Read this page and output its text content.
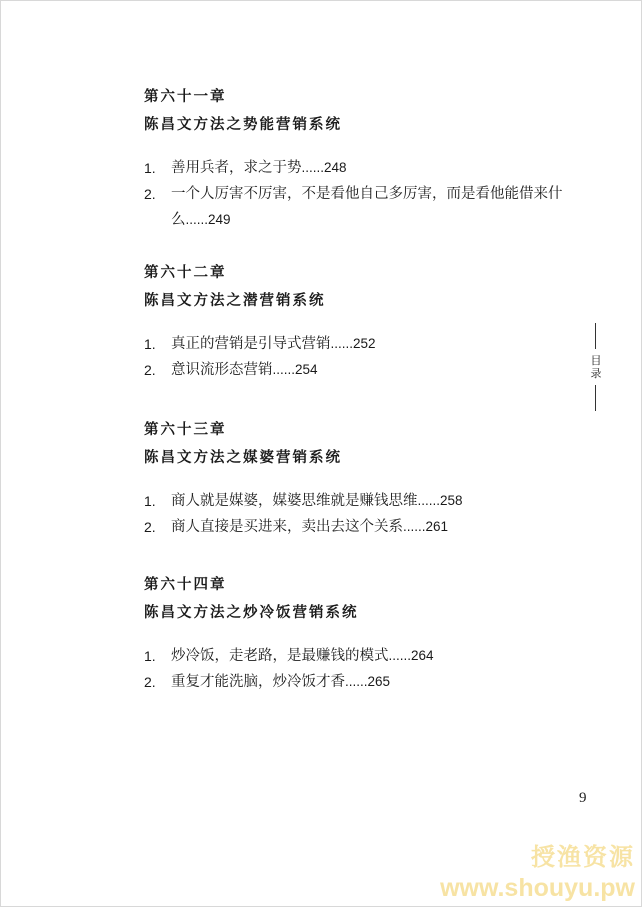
第六十一章
陈昌文方法之势能营销系统
1.	善用兵者，求之于势......248
2.	一个人厉害不厉害，不是看他自己多厉害，而是看他能借来什么......249
第六十二章
陈昌文方法之潜营销系统
1.	真正的营销是引导式营销......252
2.	意识流形态营销......254
第六十三章
陈昌文方法之媒婆营销系统
1.	商人就是媒婆，媒婆思维就是赚钱思维......258
2.	商人直接是买进来，卖出去这个关系......261
第六十四章
陈昌文方法之炒冷饭营销系统
1.	炒冷饭，走老路，是最赚钱的模式......264
2.	重复才能洗脑，炒冷饭才香......265
目录
9
授渔资源
www.shouyu.pw
